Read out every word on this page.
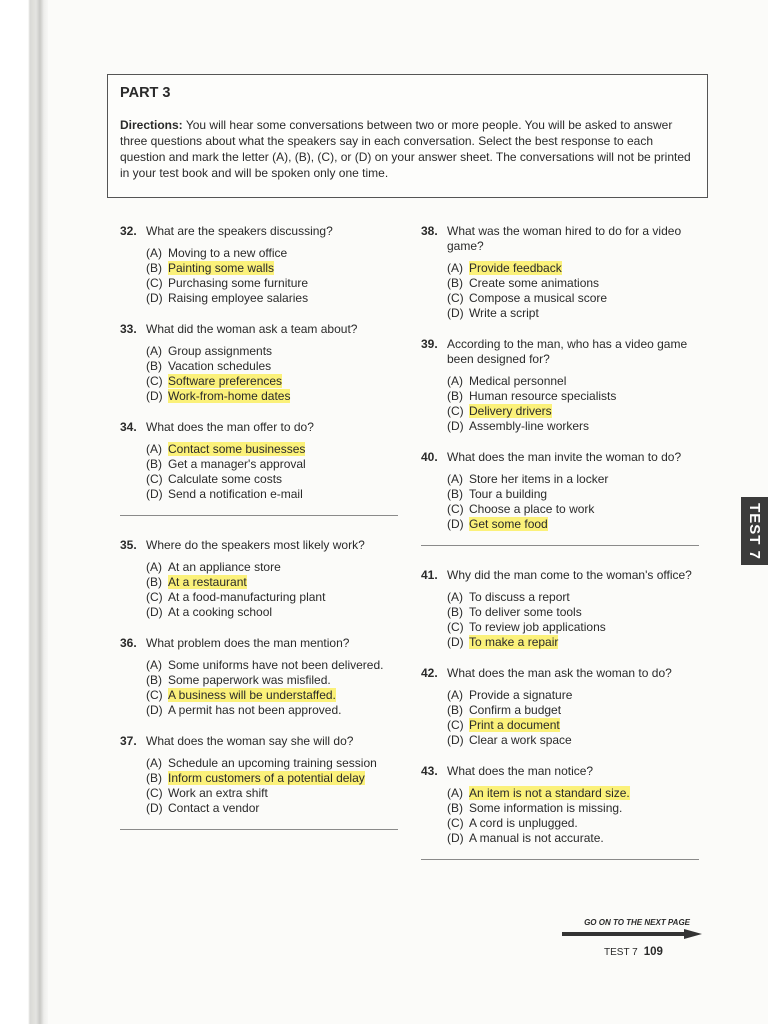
PART 3

Directions: You will hear some conversations between two or more people. You will be asked to answer three questions about what the speakers say in each conversation. Select the best response to each question and mark the letter (A), (B), (C), or (D) on your answer sheet. The conversations will not be printed in your test book and will be spoken only one time.

32. What are the speakers discussing?
(A) Moving to a new office
(B) Painting some walls
(C) Purchasing some furniture
(D) Raising employee salaries
33. What did the woman ask a team about?
(A) Group assignments
(B) Vacation schedules
(C) Software preferences
(D) Work-from-home dates
34. What does the man offer to do?
(A) Contact some businesses
(B) Get a manager's approval
(C) Calculate some costs
(D) Send a notification e-mail
35. Where do the speakers most likely work?
(A) At an appliance store
(B) At a restaurant
(C) At a food-manufacturing plant
(D) At a cooking school
36. What problem does the man mention?
(A) Some uniforms have not been delivered.
(B) Some paperwork was misfiled.
(C) A business will be understaffed.
(D) A permit has not been approved.
37. What does the woman say she will do?
(A) Schedule an upcoming training session
(B) Inform customers of a potential delay
(C) Work an extra shift
(D) Contact a vendor
38. What was the woman hired to do for a video game?
(A) Provide feedback
(B) Create some animations
(C) Compose a musical score
(D) Write a script
39. According to the man, who has a video game been designed for?
(A) Medical personnel
(B) Human resource specialists
(C) Delivery drivers
(D) Assembly-line workers
40. What does the man invite the woman to do?
(A) Store her items in a locker
(B) Tour a building
(C) Choose a place to work
(D) Get some food
41. Why did the man come to the woman's office?
(A) To discuss a report
(B) To deliver some tools
(C) To review job applications
(D) To make a repair
42. What does the man ask the woman to do?
(A) Provide a signature
(B) Confirm a budget
(C) Print a document
(D) Clear a work space
43. What does the man notice?
(A) An item is not a standard size.
(B) Some information is missing.
(C) A cord is unplugged.
(D) A manual is not accurate.
TEST 7
GO ON TO THE NEXT PAGE
TEST 7 109
